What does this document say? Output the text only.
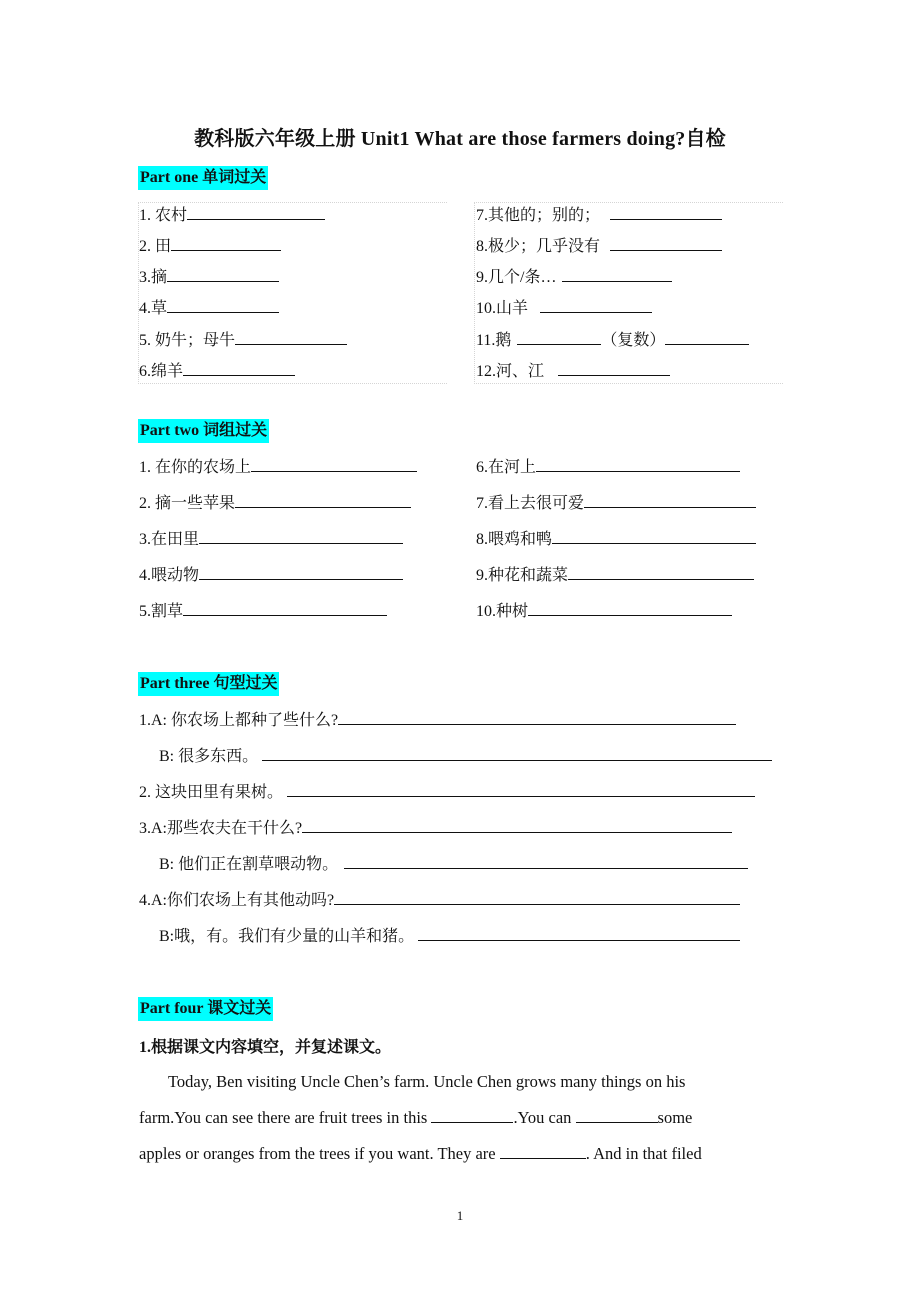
教科版六年级上册 Unit1 What are those farmers doing?自检
Part one 单词过关
1. 农村
2. 田
3.摘
4.草
5. 奶牛；母牛
6.绵羊
7.其他的；别的；
8.极少；几乎没有
9.几个/条…
10.山羊
11.鹅	（复数）
12.河、江
Part two 词组过关
1. 在你的农场上
2. 摘一些苹果
3.在田里
4.喂动物
5.割草
6.在河上
7.看上去很可爱
8.喂鸡和鸭
9.种花和蔬菜
10.种树
Part three 句型过关
1.A: 你农场上都种了些什么?
B: 很多东西。
2. 这块田里有果树。
3.A:那些农夫在干什么?
B: 他们正在割草喂动物。
4.A:你们农场上有其他动吗?
B:哦，有。我们有少量的山羊和猪。
Part four 课文过关
1.根据课文内容填空，并复述课文。
Today, Ben visiting Uncle Chen’s farm. Uncle Chen grows many things on his
farm.You can see there are fruit trees in this	.You can	some
apples or oranges from the trees if you want. They are	. And in that filed
1
